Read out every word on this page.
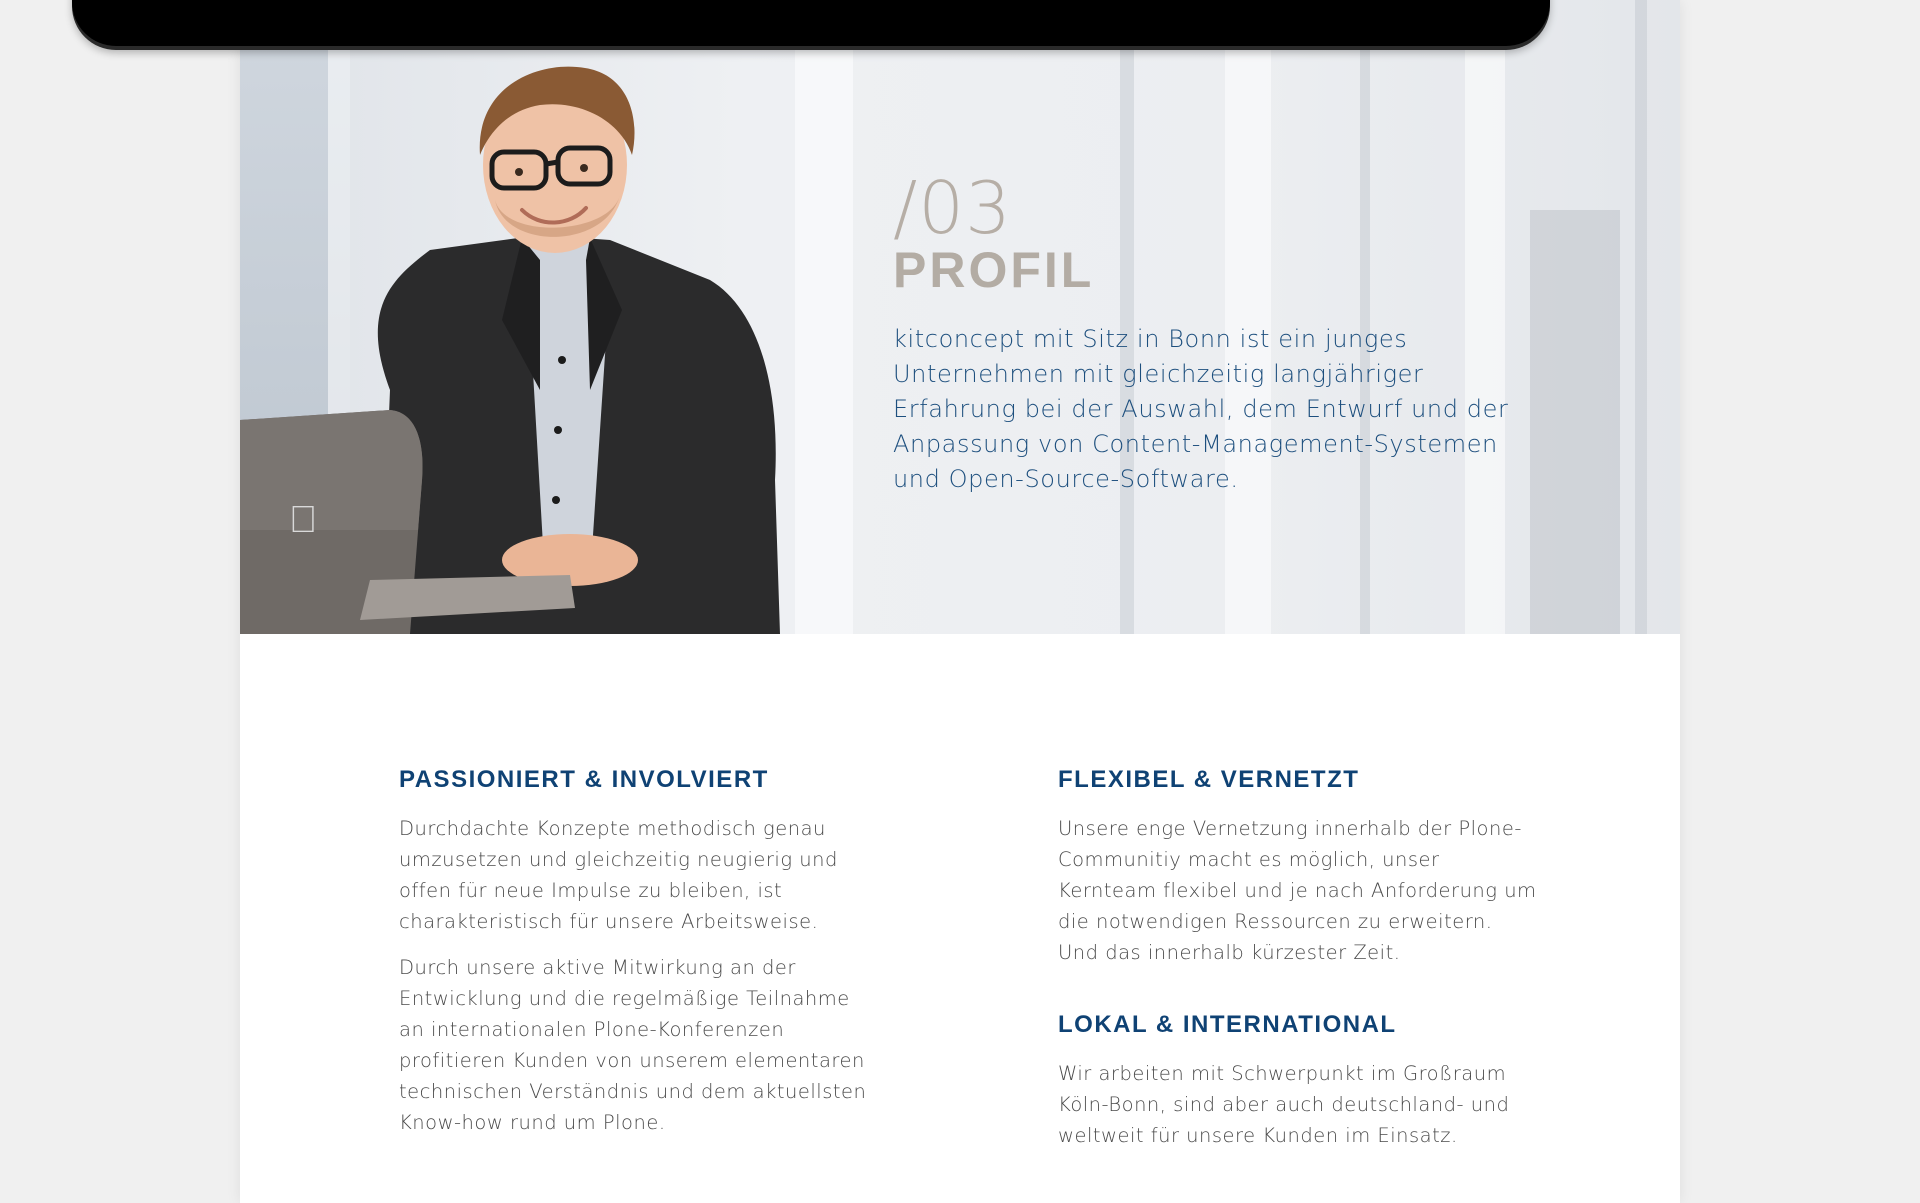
/03
PROFIL
kitconcept mit Sitz in Bonn ist ein junges Unternehmen mit gleichzeitig langjähriger Erfahrung bei der Auswahl, dem Entwurf und der Anpassung von Content-Management-Systemen und Open-Source-Software.
PASSIONIERT & INVOLVIERT
Durchdachte Konzepte methodisch genau umzusetzen und gleichzeitig neugierig und offen für neue Impulse zu bleiben, ist charakteristisch für unsere Arbeitsweise.
Durch unsere aktive Mitwirkung an der Entwicklung und die regelmäßige Teilnahme an internationalen Plone-Konferenzen profitieren Kunden von unserem elementaren technischen Verständnis und dem aktuellsten Know-how rund um Plone.
FLEXIBEL & VERNETZT
Unsere enge Vernetzung innerhalb der Plone-Communitiy macht es möglich, unser Kernteam flexibel und je nach Anforderung um die notwendigen Ressourcen zu erweitern. Und das innerhalb kürzester Zeit.
LOKAL & INTERNATIONAL
Wir arbeiten mit Schwerpunkt im Großraum Köln-Bonn, sind aber auch deutschland- und weltweit für unsere Kunden im Einsatz.
